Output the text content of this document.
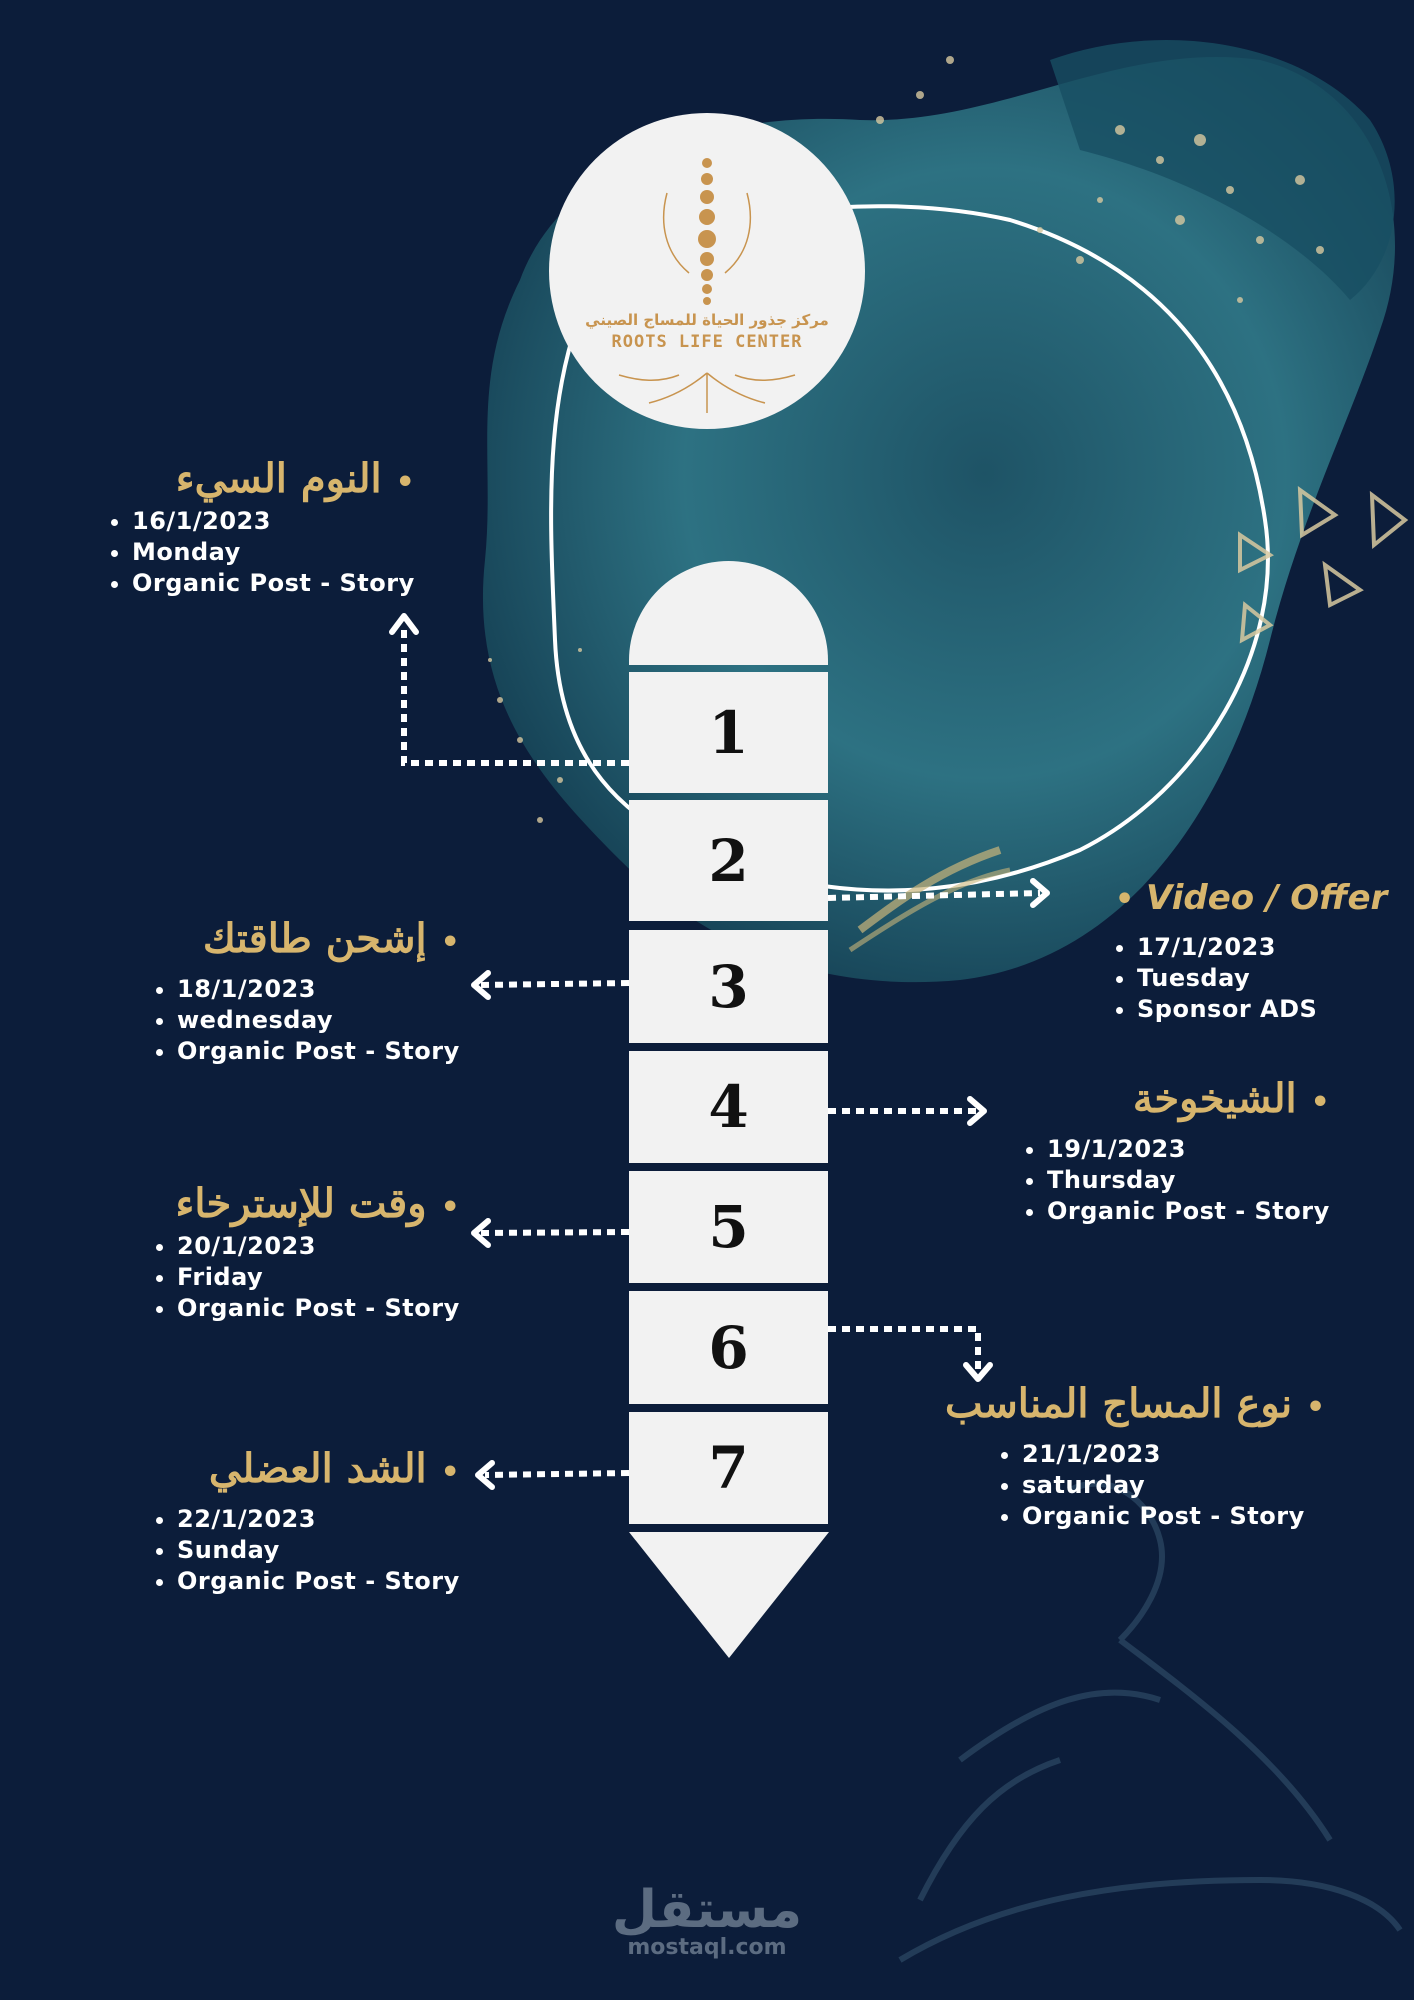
مركز جذور الحياة للمساج الصيني
ROOTS LIFE CENTER
1
2
3
4
5
6
7
• النوم السيء
• 16/1/2023
• Monday
• Organic Post - Story
• Video / Offer
• 17/1/2023
• Tuesday
• Sponsor ADS
• إشحن طاقتك
• 18/1/2023
• wednesday
• Organic Post - Story
• الشيخوخة
• 19/1/2023
• Thursday
• Organic Post - Story
• وقت للإسترخاء
• 20/1/2023
• Friday
• Organic Post - Story
• نوع المساج المناسب
• 21/1/2023
• saturday
• Organic Post - Story
• الشد العضلي
• 22/1/2023
• Sunday
• Organic Post - Story
مستقل
mostaql.com
